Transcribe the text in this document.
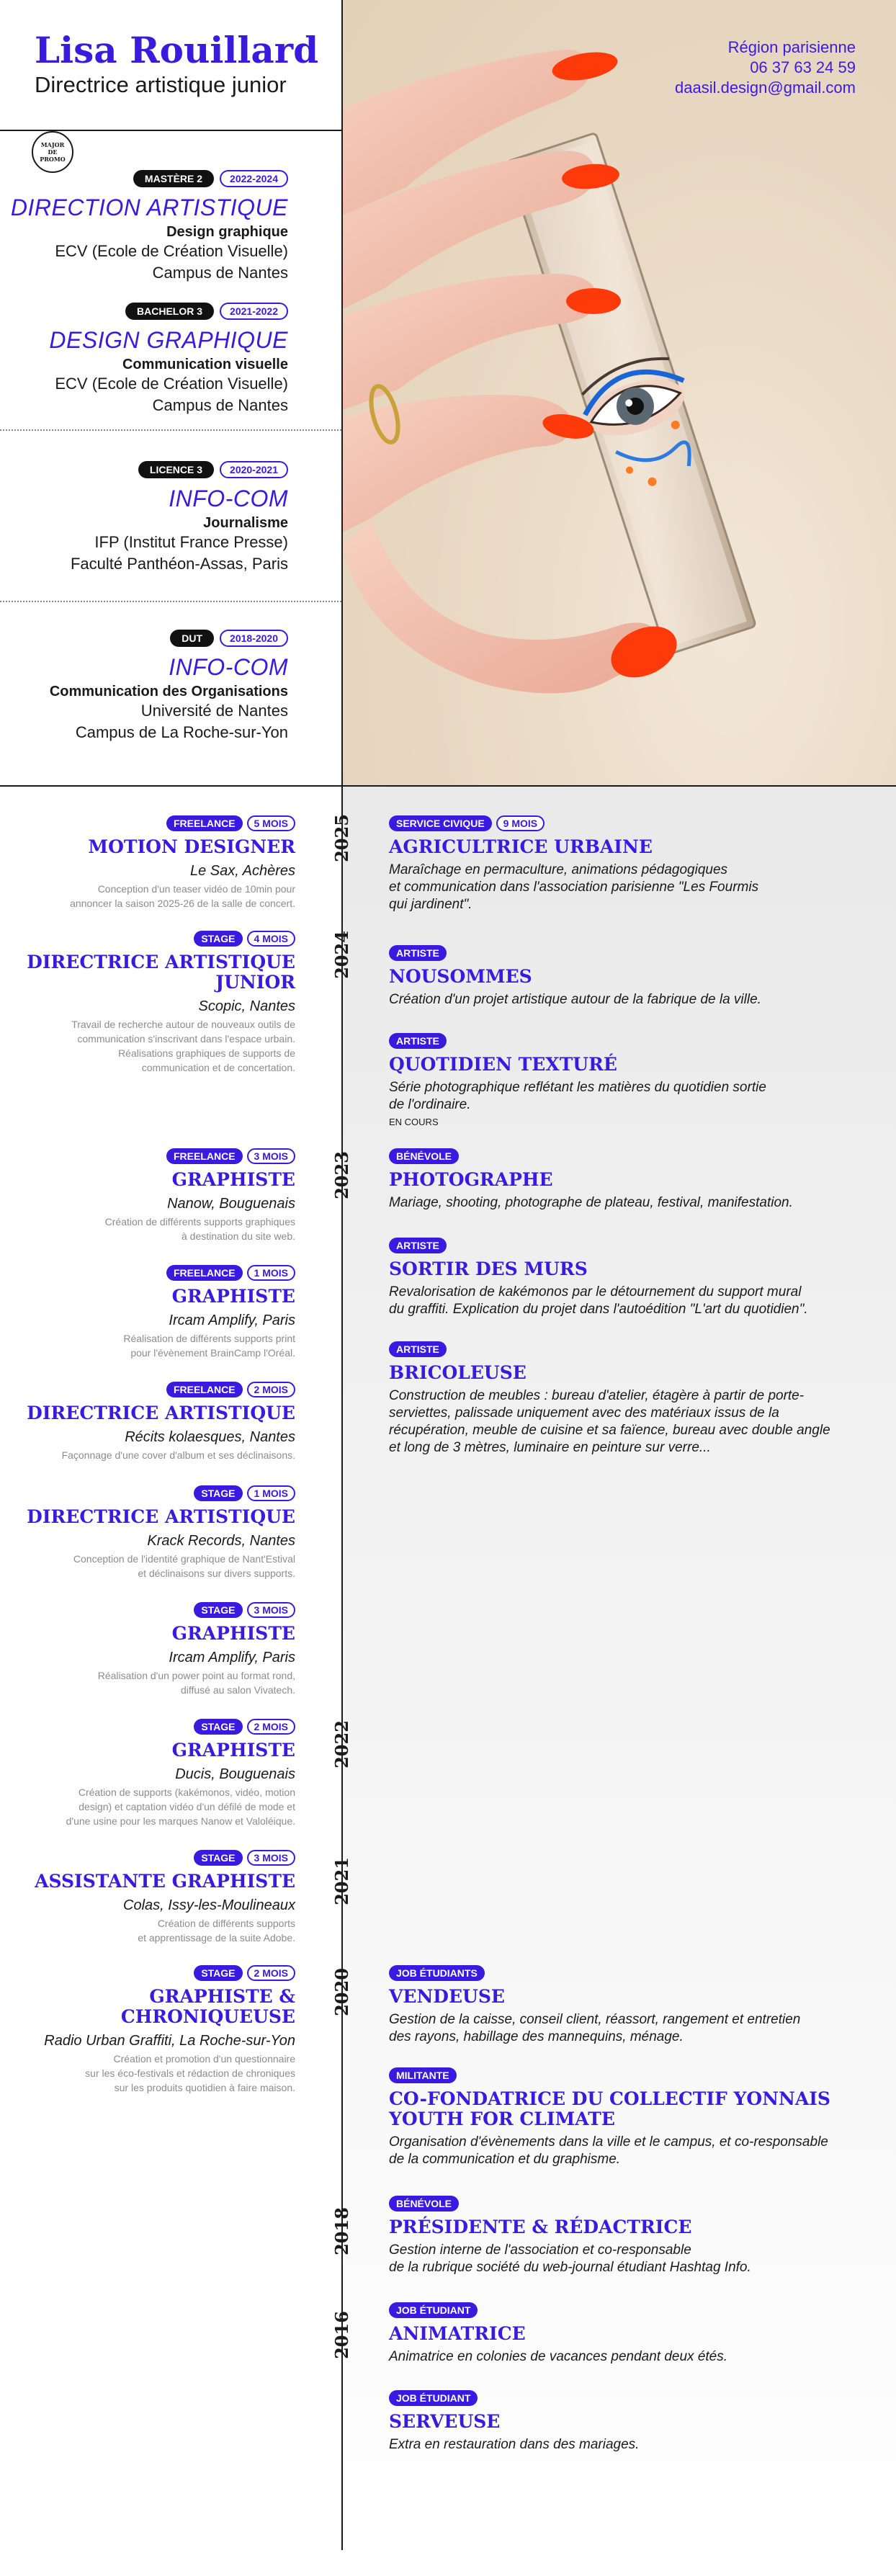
Lisa Rouillard
Directrice artistique junior
MAJOR
DE
PROMO
MASTÈRE 2	2022-2024
DIRECTION ARTISTIQUE
Design graphique
ECV (Ecole de Création Visuelle)
Campus de Nantes
BACHELOR 3	2021-2022
DESIGN GRAPHIQUE
Communication visuelle
ECV (Ecole de Création Visuelle)
Campus de Nantes
LICENCE 3	2020-2021
INFO-COM
Journalisme
IFP (Institut France Presse)
Faculté Panthéon-Assas, Paris
DUT	2018-2020
INFO-COM
Communication des Organisations
Université de Nantes
Campus de La Roche-sur-Yon
Région parisienne
06 37 63 24 59
daasil.design@gmail.com
2025
2024
2023
2022
2021
2020
2018
2016
FREELANCE	5 MOIS
MOTION DESIGNER
Le Sax, Achères
Conception d'un teaser vidéo de 10min pour
annoncer la saison 2025-26 de la salle de concert.
STAGE	4 MOIS
DIRECTRICE ARTISTIQUE JUNIOR
Scopic, Nantes
Travail de recherche autour de nouveaux outils de
communication s'inscrivant dans l'espace urbain.
Réalisations graphiques de supports de
communication et de concertation.
FREELANCE	3 MOIS
GRAPHISTE
Nanow, Bouguenais
Création de différents supports graphiques
à destination du site web.
FREELANCE	1 MOIS
GRAPHISTE
Ircam Amplify, Paris
Réalisation de différents supports print
pour l'évènement BrainCamp l'Oréal.
FREELANCE	2 MOIS
DIRECTRICE ARTISTIQUE
Récits kolaesques, Nantes
Façonnage d'une cover d'album et ses déclinaisons.
STAGE	1 MOIS
DIRECTRICE ARTISTIQUE
Krack Records, Nantes
Conception de l'identité graphique de Nant'Estival
et déclinaisons sur divers supports.
STAGE	3 MOIS
GRAPHISTE
Ircam Amplify, Paris
Réalisation d'un power point au format rond,
diffusé au salon Vivatech.
STAGE	2 MOIS
GRAPHISTE
Ducis, Bouguenais
Création de supports (kakémonos, vidéo, motion
design) et captation vidéo d'un défilé de mode et
d'une usine pour les marques Nanow et Valoléique.
STAGE	3 MOIS
ASSISTANTE GRAPHISTE
Colas, Issy-les-Moulineaux
Création de différents supports
et apprentissage de la suite Adobe.
STAGE	2 MOIS
GRAPHISTE & CHRONIQUEUSE
Radio Urban Graffiti, La Roche-sur-Yon
Création et promotion d'un questionnaire
sur les éco-festivals et rédaction de chroniques
sur les produits quotidien à faire maison.
SERVICE CIVIQUE	9 MOIS
AGRICULTRICE URBAINE
Maraîchage en permaculture, animations pédagogiques
et communication dans l'association parisienne "Les Fourmis
qui jardinent".
ARTISTE
NOUSOMMES
Création d'un projet artistique autour de la fabrique de la ville.
ARTISTE
QUOTIDIEN TEXTURÉ
Série photographique reflétant les matières du quotidien sortie
de l'ordinaire.
EN COURS
BÉNÉVOLE
PHOTOGRAPHE
Mariage, shooting, photographe de plateau, festival, manifestation.
ARTISTE
SORTIR DES MURS
Revalorisation de kakémonos par le détournement du support mural
du graffiti. Explication du projet dans l'autoédition "L'art du quotidien".
ARTISTE
BRICOLEUSE
Construction de meubles : bureau d'atelier, étagère à partir de porte-
serviettes, palissade uniquement avec des matériaux issus de la
récupération, meuble de cuisine et sa faïence, bureau avec double angle
et long de 3 mètres, luminaire en peinture sur verre...
JOB ÉTUDIANTS
VENDEUSE
Gestion de la caisse, conseil client, réassort, rangement et entretien
des rayons, habillage des mannequins, ménage.
MILITANTE
CO-FONDATRICE DU COLLECTIF YONNAIS YOUTH FOR CLIMATE
Organisation d'évènements dans la ville et le campus, et co-responsable
de la communication et du graphisme.
BÉNÉVOLE
PRÉSIDENTE & RÉDACTRICE
Gestion interne de l'association et co-responsable
de la rubrique société du web-journal étudiant Hashtag Info.
JOB ÉTUDIANT
ANIMATRICE
Animatrice en colonies de vacances pendant deux étés.
JOB ÉTUDIANT
SERVEUSE
Extra en restauration dans des mariages.
